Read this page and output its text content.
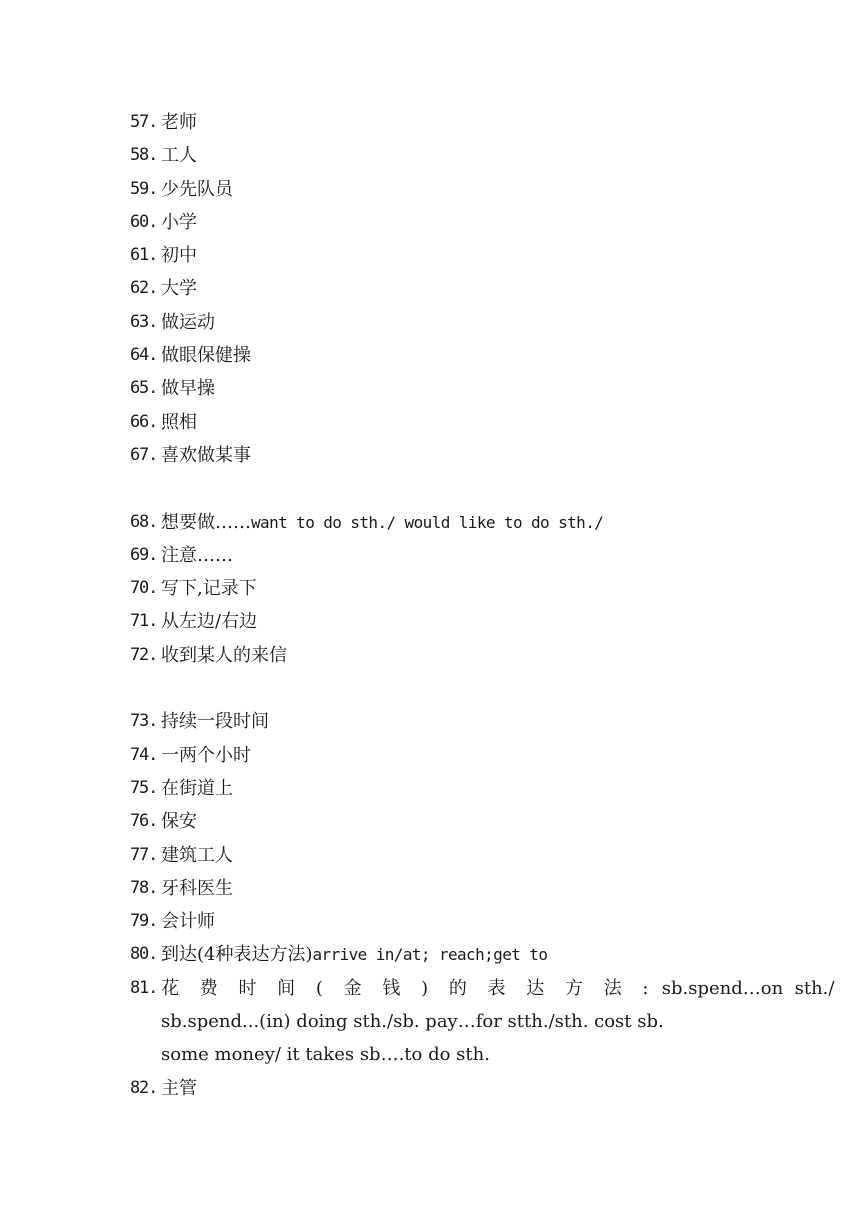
57. 老师
58. 工人
59. 少先队员
60. 小学
61. 初中
62. 大学
63. 做运动
64. 做眼保健操
65. 做早操
66. 照相
67. 喜欢做某事
68. 想要做……want to do sth./ would like to do sth./
69. 注意……
70. 写下,记录下
71. 从左边/右边
72. 收到某人的来信
73. 持续一段时间
74. 一两个小时
75. 在街道上
76. 保安
77. 建筑工人
78. 牙科医生
79. 会计师
80. 到达(4种表达方法)arrive in/at; reach;get to
81. 花 费 时 间 ( 金 钱 ) 的 表 达 方 法 : sb.spend…on  sth./
sb.spend...(in) doing sth./sb. pay…for stth./sth. cost sb.
some money/ it takes sb….to do sth.
82. 主管
